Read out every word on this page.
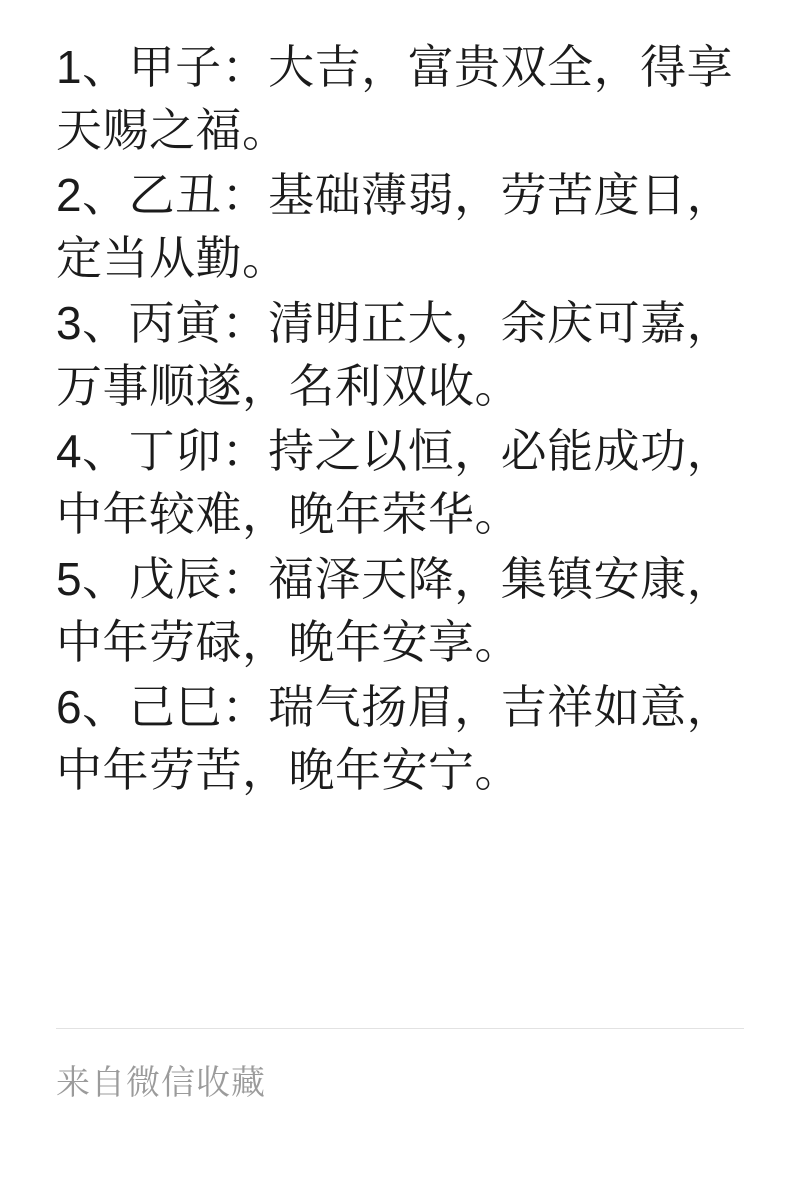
1、甲子：大吉，富贵双全，得享天赐之福。

2、乙丑：基础薄弱，劳苦度日，定当从勤。

3、丙寅：清明正大，余庆可嘉，万事顺遂，名利双收。

4、丁卯：持之以恒，必能成功，中年较难，晚年荣华。

5、戊辰：福泽天降，集镇安康，中年劳碌，晚年安享。

6、己巳：瑞气扬眉，吉祥如意，中年劳苦，晚年安宁。

来自微信收藏
